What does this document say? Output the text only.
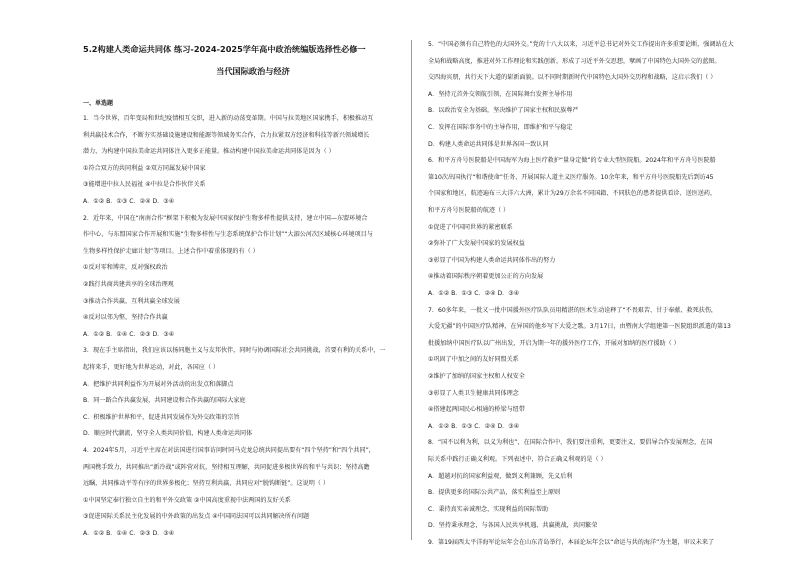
5.2构建人类命运共同体 练习-2024-2025学年高中政治统编版选择性必修一
当代国际政治与经济
一、单选题
1．当今世界，百年变局和世纪疫情相互交织，进入新的动荡变革期。中国与拉美地区国家携手，积极推动互
利共赢技术合作，不断夯实基础设施建设和能源等领域务实合作，合力拉紧双方经济和科技等新兴领域增长
潜力，为构建中国拉美命运共同体注入更多正能量。推动构建中国拉美命运共同体是因为（ ）
①符合双方的共同利益 ②双方同属发展中国家
③能增进中拉人民福祉 ④中拉是合作伙伴关系
A．①② B．①③ C．②④ D．③④
2．近年来，中国在“南南合作”框架下积极为发展中国家保护生物多样性提供支持，建立中国—东盟环境合
作中心，与东盟国家合作开展和实施“生物多样性与生态系统保护合作计划”“大湄公河次区域核心环境项目与
生物多样性保护走廊计划”等项目。上述合作中着重体现的有（ ）
①反对零和博弈，反对强权政治
②践行共商共建共享的全球治理观
③推动合作共赢，互利共赢全球发展
④反对以邻为壑，坚持合作共赢
A．①② B．①④ C．②③ D．③④
3．现在手主席指出，我们应该以扬同胞主义与友邦伙伴，同时与协调国际社会共同挑战，首要有利的关系中，一
起将来手，更好地为世界运动，对此，各国应（ ）
A．把维护共同利益作为开展对外活动的出发点和落脚点
B．同一路合作共赢发展，共同建设和合作共赢的国际大家庭
C．积极维护世界和平，促进共同发展作为外交政策的宗旨
D．顺应时代潮流，坚守全人类共同价值，构建人类命运共同体
4．2024年5月，习近平主席在对法国进行国事访问时同马克龙总统共同提出要有“四个坚持”和“四个共同”，
两国携手致力，共同推出“新冷战”或阵营对抗，坚持相互理解，共同促进多极世界的和平与共识；坚持高瞻
远瞩，共同推动平等有序的世界多极化；坚持互利共赢，共同应对“脱钩断链”。这说明（ ）
①中国坚定奉行独立自主的和平外交政策 ②中国高度重视中法两国的友好关系
③促进国际关系民主化发展的中外政策的出发点 ④中国同法国可以共同解决所有问题
A．①② B．①④ C．②③ D．③④
5．“中国必须有自己特色的大国外交。”党的十八大以来，习近平总书记对外交工作提出许多重要论断，强调站在大
全局和战略高度，推进对外工作理论和实践创新，形成了习近平外交思想，擘画了中国特色大国外交的蓝图。
交四海宾朋，共行天下大道的崭新面貌。以不同时期新时代中国特色大国外交历程和战略，这启示我们（ ）
A．坚持元首外交领航引领，在国际舞台发挥主导作用
B．以政治安全为基础，坚决维护了国家主权和民族尊严
C．发挥在国际事务中的主导作用，即维护和平与稳定
D．构建人类命运共同体是世界各国一致认同
6．和平方舟号医院船是中国海军为海上医疗救护“量身定做”的专业大型医院船。2024年和平方舟号医院船
第10次出国执行“和谐使命”任务，开展国际人道主义医疗服务。10余年来，和平方舟号医院船先后到访45
个国家和地区，航迹遍布三大洋六大洲，累计为29万余名不同国籍、不同肤色的患者提供看诊、送医送药，
和平方舟号医院船的航迹（ ）
①促进了中国同世界的紧密联系
②弥补了广大发展中国家的发展权益
③彰显了中国为构建人类命运共同体作出的努力
④推动着国际秩序朝着更加公正的方向发展
A．①② B．①③ C．②④ D．③④
7．60多年来，一批又一批中国援外医疗队队员用精湛的医术生动诠释了“不畏艰苦、甘于奉献、救死扶伤，
大爱无疆”的中国医疗队精神，在异国的他乡写下大爱之歌。3月17日，由暨南大学组建第一医院组织派遣的第13
批援加纳中国医疗队以广州出发，开启为期一年的援外医疗工作，开展对加纳的医疗援助（ ）
①巩固了中加之间的友好同盟关系
②维护了加纳的国家主权和人权安全
③彰显了人类卫生健康共同体理念
④搭建起两国民心相通的桥梁与纽带
A．①② B．①③ C．②④ D．③④
8．“国不以利为利，以义为利也”，在国际合作中，我们要注重利，更要注义，要倡导合作发展理念，在国
际关系中践行正确义利观。下列表述中，符合正确义利观的是（ ）
A．超越对抗的国家利益观，做到义利兼顾，先义后利
B．提供更多的国际公共产品，落实利益至上原则
C．秉持真实亲诚理念，实现利益的国际帮助
D．坚持秉承理念，与各国人民共享机遇、共赢挑战，共同繁荣
9．第19届西太平洋海军论坛年会在山东青岛举行，本届论坛年会以“命运与共的海洋”为主题，审议未来了
